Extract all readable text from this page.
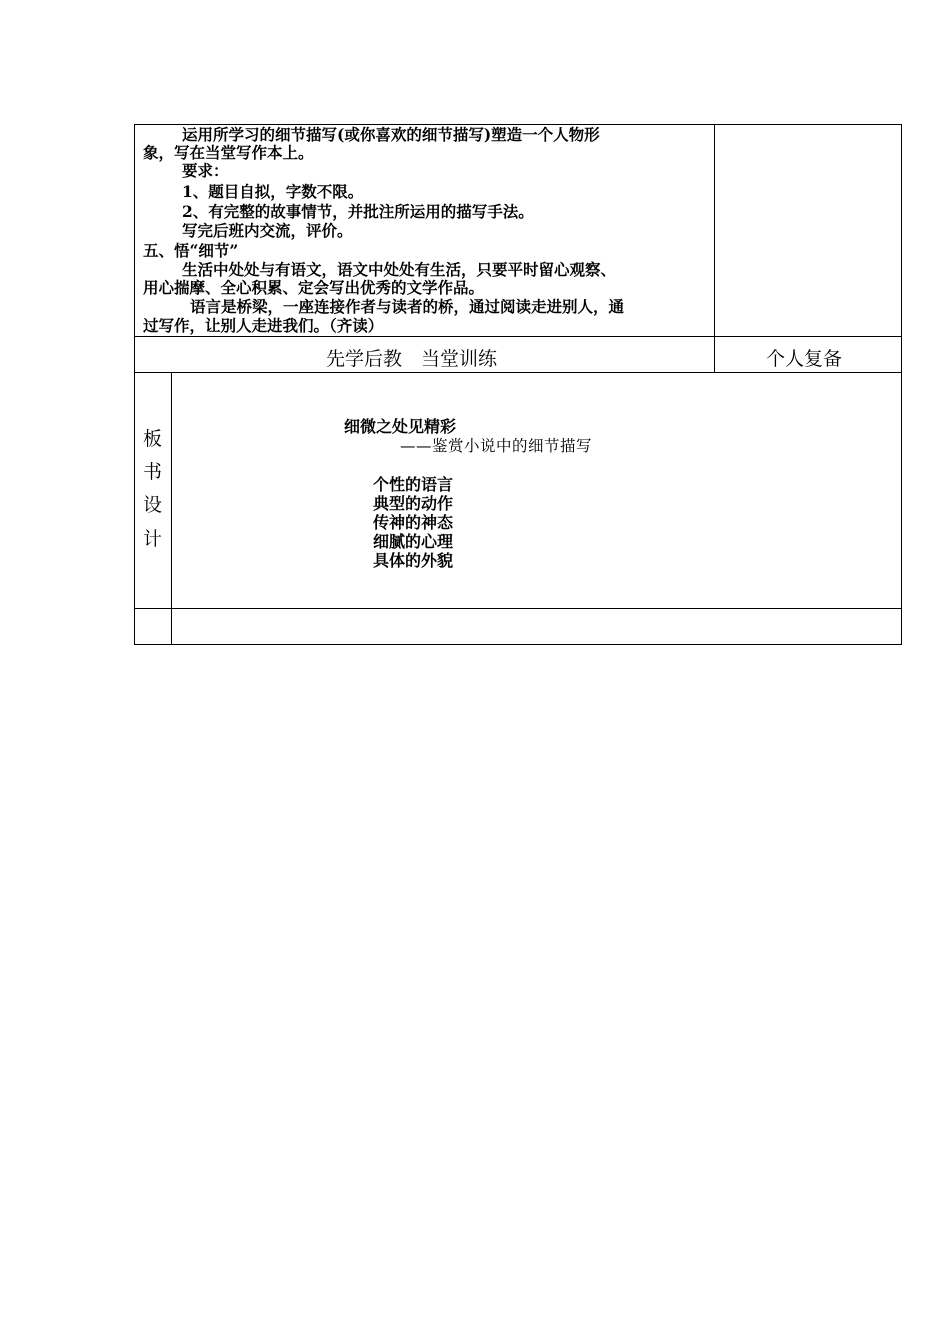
运用所学习的细节描写(或你喜欢的细节描写)塑造一个人物形
象，写在当堂写作本上。
要求：
1、题目自拟，字数不限。
2、有完整的故事情节，并批注所运用的描写手法。
写完后班内交流，评价。
五、悟“细节”
生活中处处与有语文，语文中处处有生活，只要平时留心观察、
用心揣摩、全心积累、定会写出优秀的文学作品。
语言是桥梁，一座连接作者与读者的桥，通过阅读走进别人，通
过写作，让别人走进我们。（齐读）
先学后教　当堂训练	个人复备
板
书
设
计
细微之处见精彩
——鉴赏小说中的细节描写
个性的语言
典型的动作
传神的神态
细腻的心理
具体的外貌
